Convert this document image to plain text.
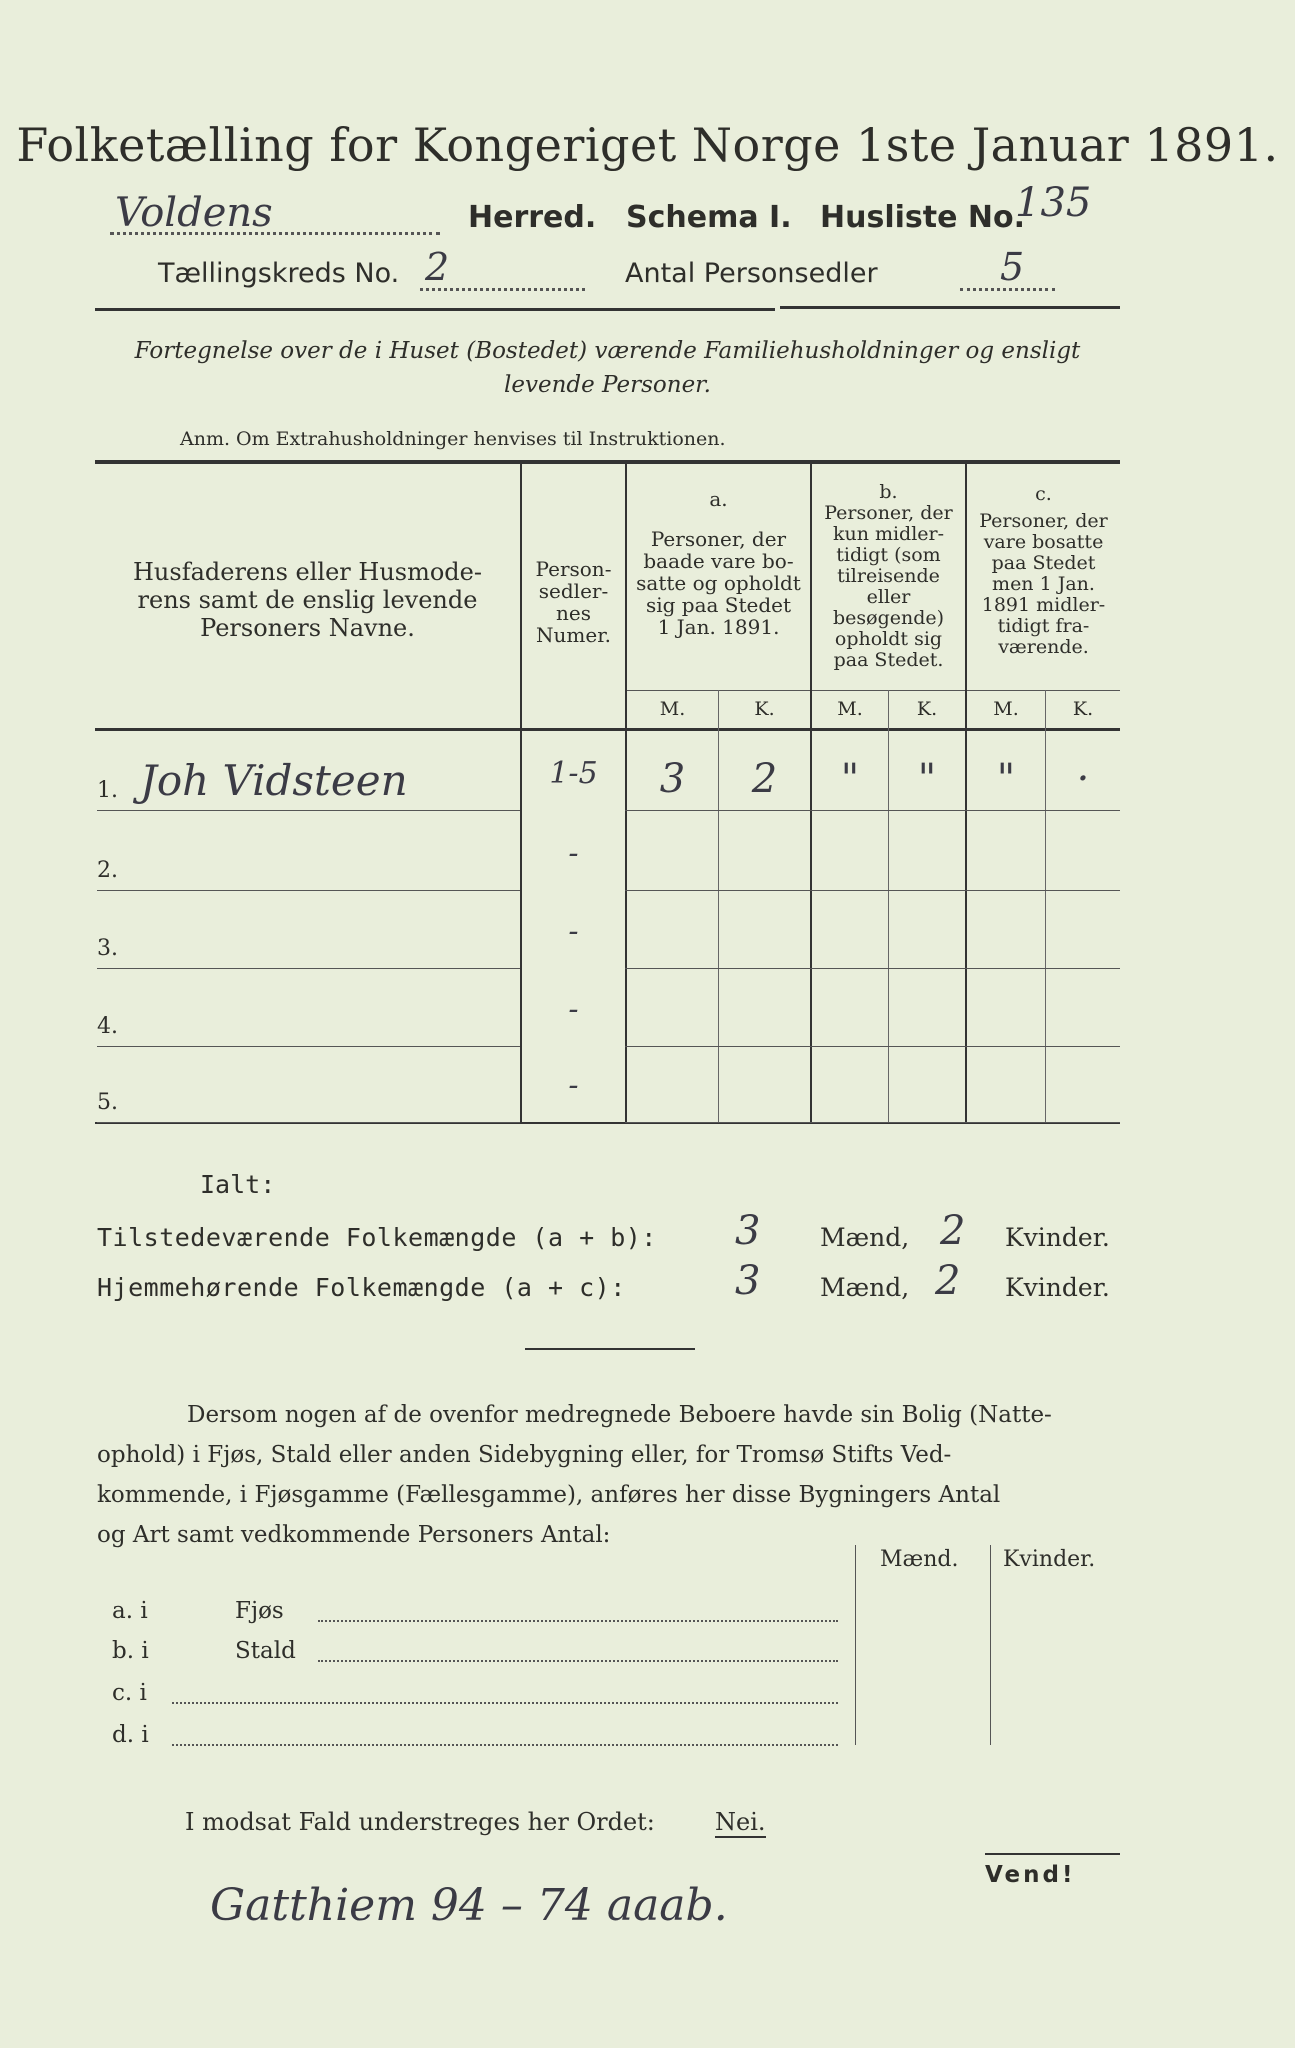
Folketælling for Kongeriget Norge 1ste Januar 1891.
Voldens	Herred. Schema I. Husliste No.
135
Tællingskreds No. 2	Antal Personsedler	5
Fortegnelse over de i Huset (Bostedet) værende Familiehusholdninger og ensligt
levende Personer.
Anm. Om Extrahusholdninger henvises til Instruktionen.
Husfaderens eller Husmode-
rens samt de enslig levende
Personers Navne.
Person-
sedler-
nes
Numer.
a.
Personer, der
baade vare bo-
satte og opholdt
sig paa Stedet
1 Jan. 1891.
b.
Personer, der
kun midler-
tidigt (som
tilreisende
eller
besøgende)
opholdt sig
paa Stedet.
c.
Personer, der
vare bosatte
paa Stedet
men 1 Jan.
1891 midler-
tidigt fra-
værende.
M.	K.	M.	K.	M.	K.
1. Joh Vidsteen	1-5	3	2	"	"	"	·
2.	-
3.	-
4.	-
5.	-
Ialt:
Tilstedeværende Folkemængde (a + b): 3 Mænd, 2 Kvinder.
Hjemmehørende Folkemængde (a + c):	3 Mænd, 2 Kvinder.
Dersom nogen af de ovenfor medregnede Beboere havde sin Bolig (Natte-
ophold) i Fjøs, Stald eller anden Sidebygning eller, for Tromsø Stifts Ved-
kommende, i Fjøsgamme (Fællesgamme), anføres her disse Bygningers Antal
og Art samt vedkommende Personers Antal:
Mænd. Kvinder.
a. i	Fjøs
b. i	Stald
c. i
d. i
I modsat Fald understreges her Ordet:	Nei.
Gatthiem 94 – 74 aaab.
Vend!
